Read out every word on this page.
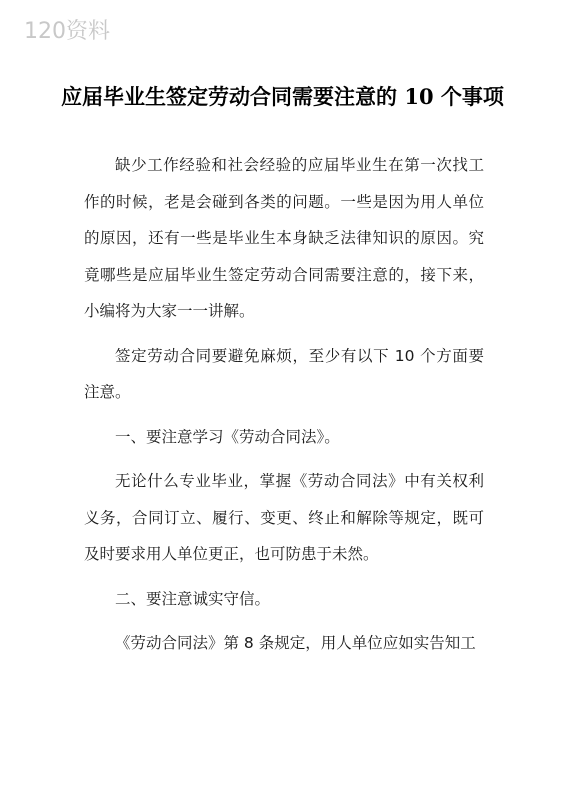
120资料
应届毕业生签定劳动合同需要注意的 10 个事项

缺少工作经验和社会经验的应届毕业生在第一次找工作的时候，老是会碰到各类的问题。一些是因为用人单位的原因，还有一些是毕业生本身缺乏法律知识的原因。究竟哪些是应届毕业生签定劳动合同需要注意的，接下来，小编将为大家一一讲解。

签定劳动合同要避免麻烦，至少有以下 10 个方面要注意。

一、要注意学习《劳动合同法》。

无论什么专业毕业，掌握《劳动合同法》中有关权利义务，合同订立、履行、变更、终止和解除等规定，既可及时要求用人单位更正，也可防患于未然。

二、要注意诚实守信。

《劳动合同法》第 8 条规定，用人单位应如实告知工
